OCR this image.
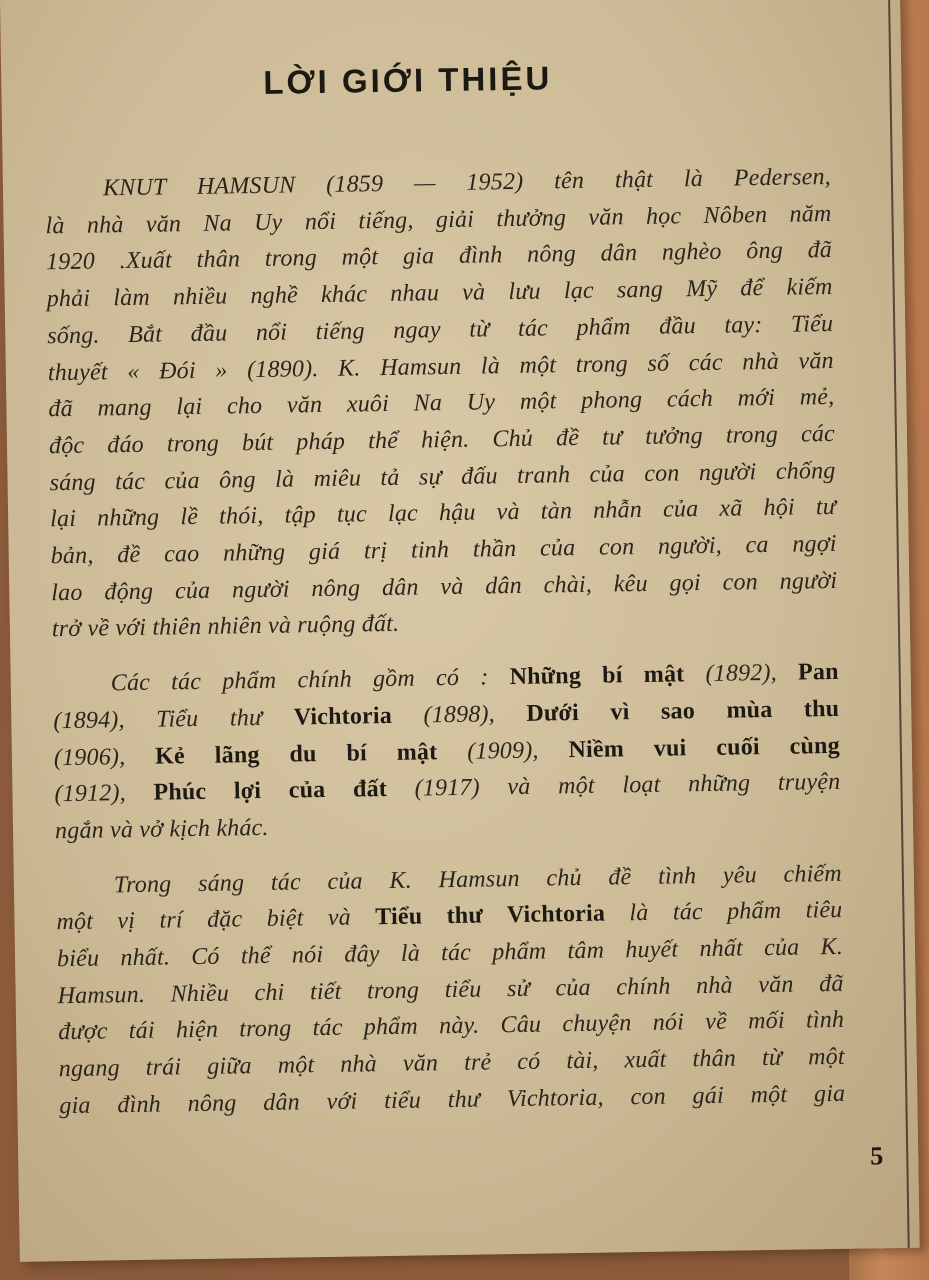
LỜI GIỚI THIỆU
KNUT HAMSUN (1859 — 1952) tên thật là Pedersen,
là nhà văn Na Uy nổi tiếng, giải thưởng văn học Nôben năm
1920 .Xuất thân trong một gia đình nông dân nghèo ông đã
phải làm nhiều nghề khác nhau và lưu lạc sang Mỹ để kiếm
sống. Bắt đầu nổi tiếng ngay từ tác phẩm đầu tay: Tiểu
thuyết « Đói » (1890). K. Hamsun là một trong số các nhà văn
đã mang lại cho văn xuôi Na Uy một phong cách mới mẻ,
độc đáo trong bút pháp thể hiện. Chủ đề tư tưởng trong các
sáng tác của ông là miêu tả sự đấu tranh của con người chống
lại những lề thói, tập tục lạc hậu và tàn nhẫn của xã hội tư
bản, đề cao những giá trị tinh thần của con người, ca ngợi
lao động của người nông dân và dân chài, kêu gọi con người
trở về với thiên nhiên và ruộng đất.
Các tác phẩm chính gồm có : Những bí mật (1892), Pan
(1894), Tiểu thư Vichtoria (1898), Dưới vì sao mùa thu
(1906), Kẻ lãng du bí mật (1909), Niềm vui cuối cùng
(1912), Phúc lợi của đất (1917) và một loạt những truyện
ngắn và vở kịch khác.
Trong sáng tác của K. Hamsun chủ đề tình yêu chiếm
một vị trí đặc biệt và Tiểu thư Vichtoria là tác phẩm tiêu
biểu nhất. Có thể nói đây là tác phẩm tâm huyết nhất của K.
Hamsun. Nhiều chi tiết trong tiểu sử của chính nhà văn đã
được tái hiện trong tác phẩm này. Câu chuyện nói về mối tình
ngang trái giữa một nhà văn trẻ có tài, xuất thân từ một
gia đình nông dân với tiểu thư Vichtoria, con gái một gia
5
